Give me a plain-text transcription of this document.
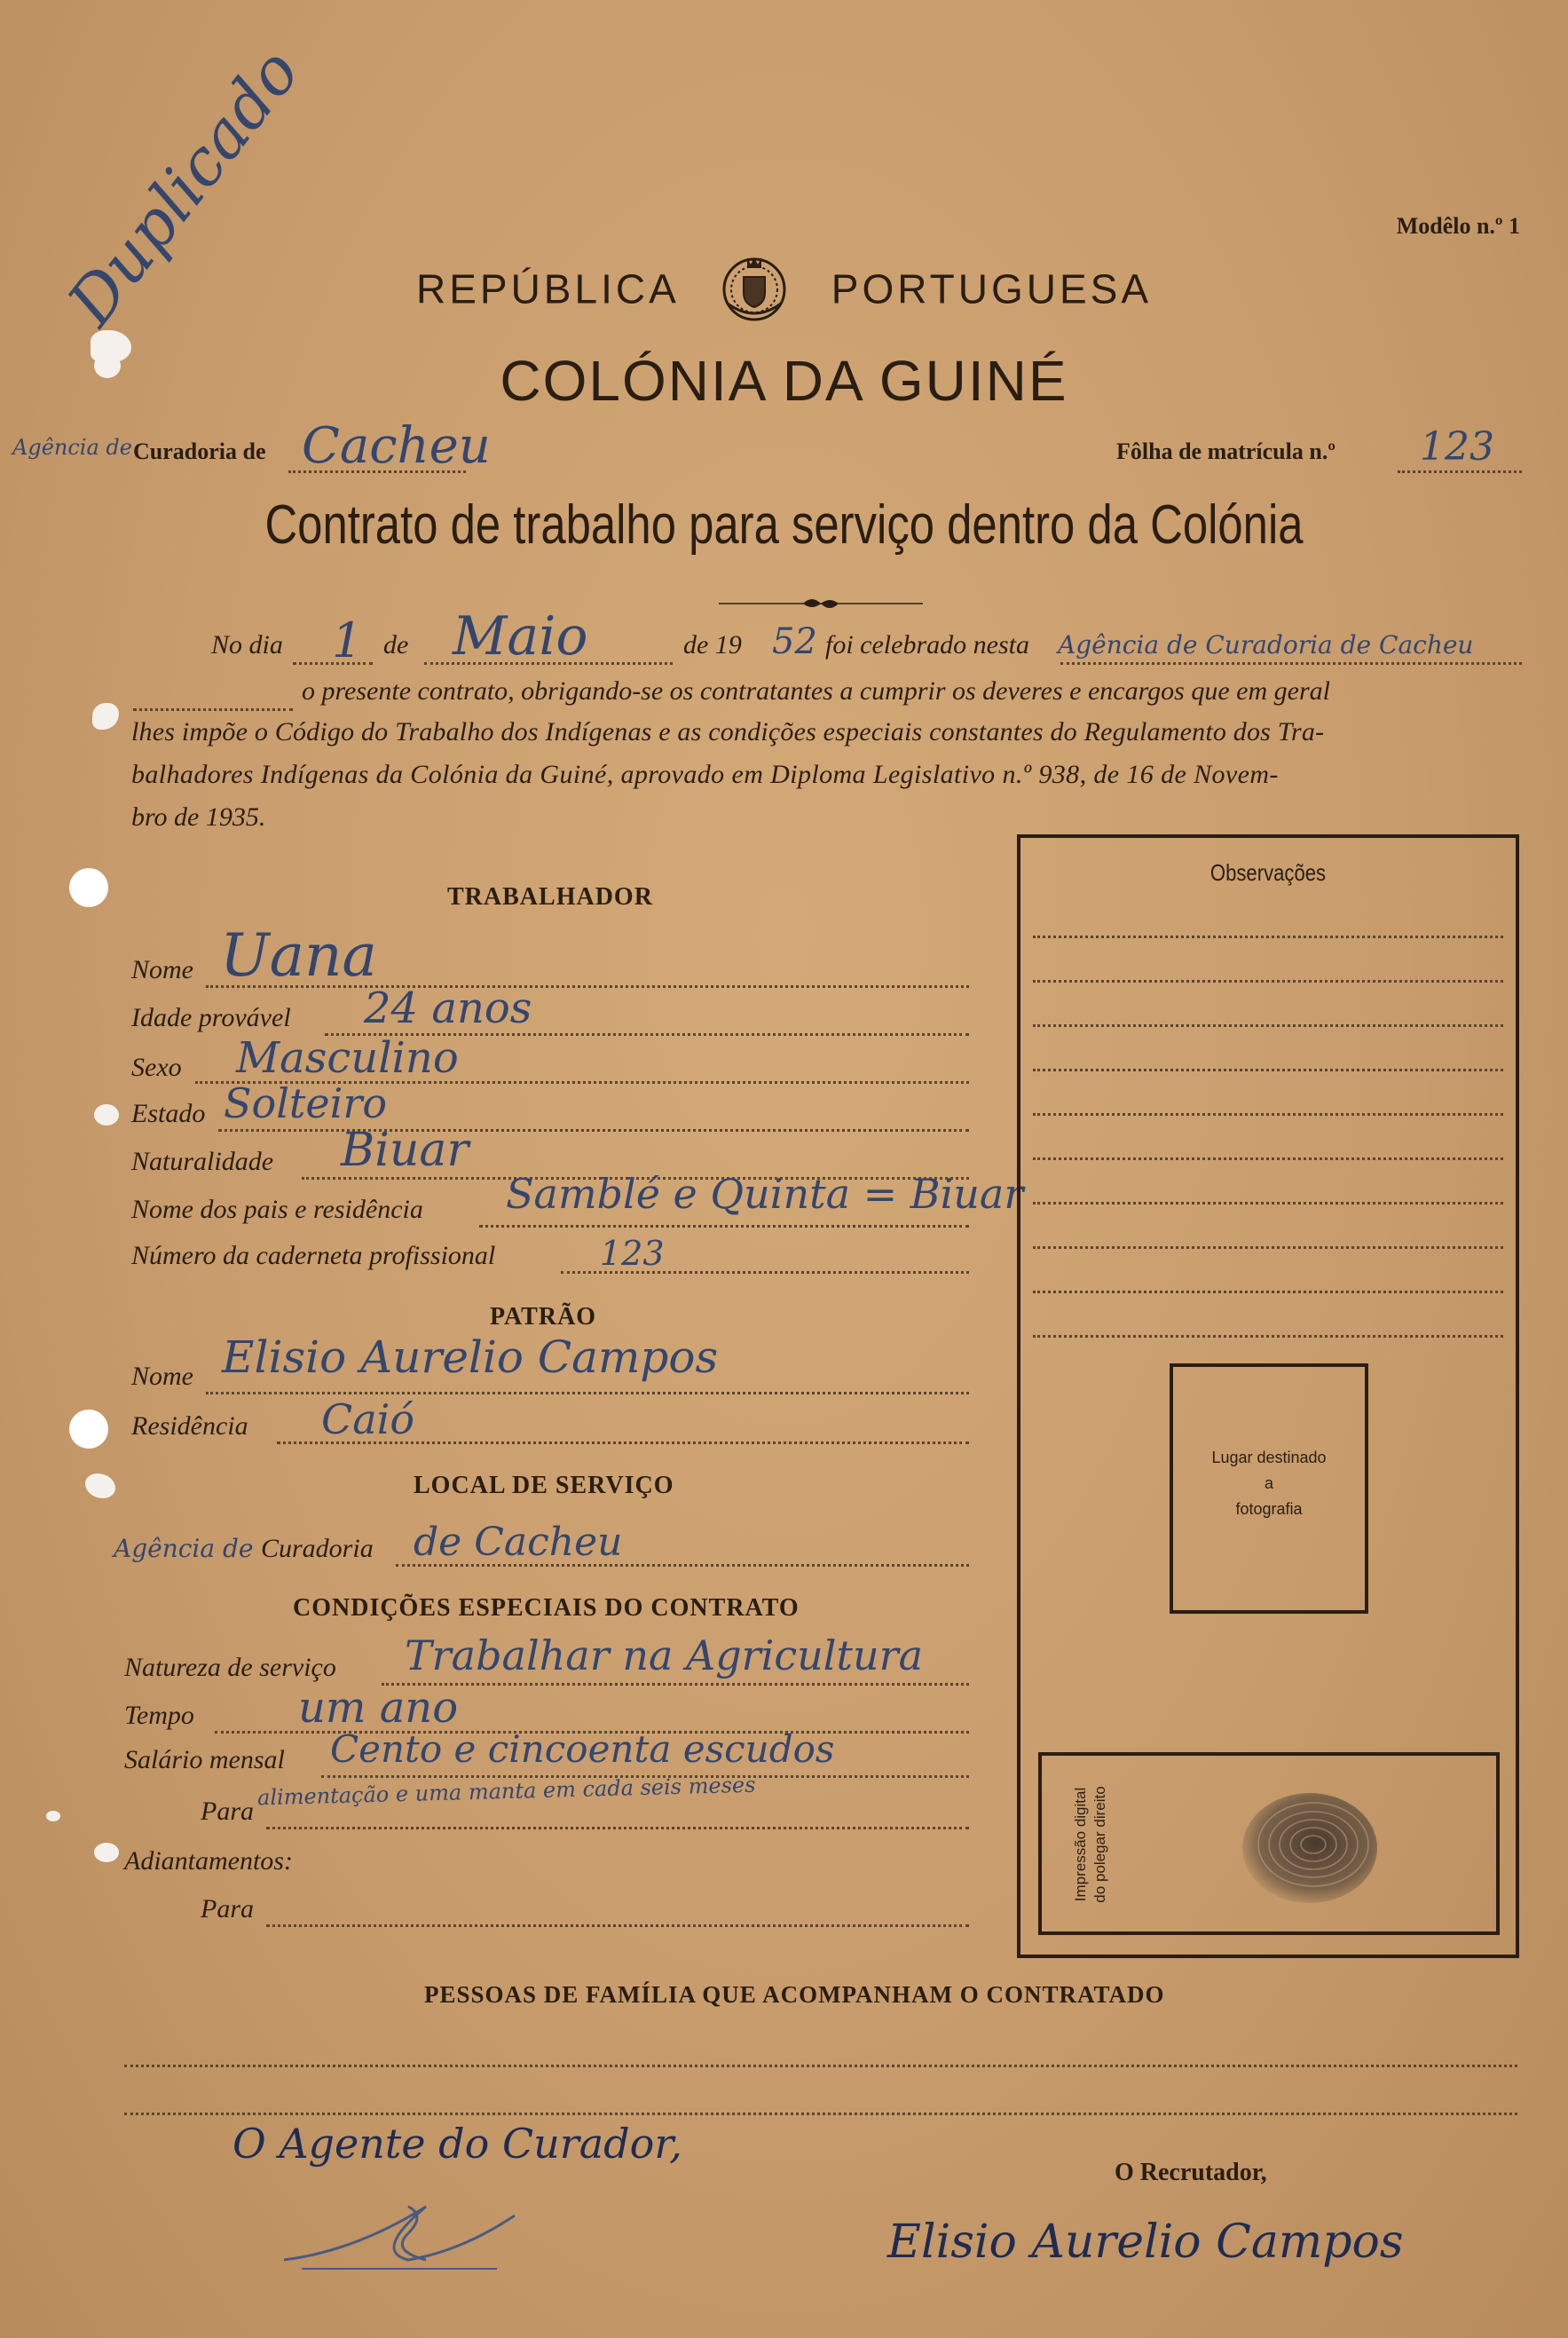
Duplicado	Modêlo n.º 1
REPÚBLICA	PORTUGUESA
COLÓNIA DA GUINÉ
Agência de Curadoria de Cacheu	Fôlha de matrícula n.º 123
Contrato de trabalho para serviço dentro da Colónia
No dia 1 de Maio	de 19 52 foi celebrado nesta Agência de Curadoria de Cacheu
o presente contrato, obrigando-se os contratantes a cumprir os deveres e encargos que em geral
lhes impõe o Código do Trabalho dos Indígenas e as condições especiais constantes do Regulamento dos Tra-
balhadores Indígenas da Colónia da Guiné, aprovado em Diploma Legislativo n.º 938, de 16 de Novem-
bro de 1935.
TRABALHADOR
Nome Uana
Idade provável 24 anos
Sexo Masculino
Estado Solteiro
Naturalidade Biuar
Nome dos pais e residência Samblé e Quinta = Biuar
Número da caderneta profissional	123
PATRÃO
Nome Elisio Aurelio Campos
Residência Caió
LOCAL DE SERVIÇO
Agência de Curadoria de Cacheu
CONDIÇÕES ESPECIAIS DO CONTRATO
Natureza de serviço Trabalhar na Agricultura
Tempo um ano
Salário mensal Cento e cincoenta escudos
alimentação e uma manta em cada seis meses
Para
Adiantamentos:
Para
Observações
Lugar destinado
a
fotografia
Impressão digital do polegar direito
PESSOAS DE FAMÍLIA QUE ACOMPANHAM O CONTRATADO
O Agente do Curador,
O Recrutador,
Elisio Aurelio Campos
